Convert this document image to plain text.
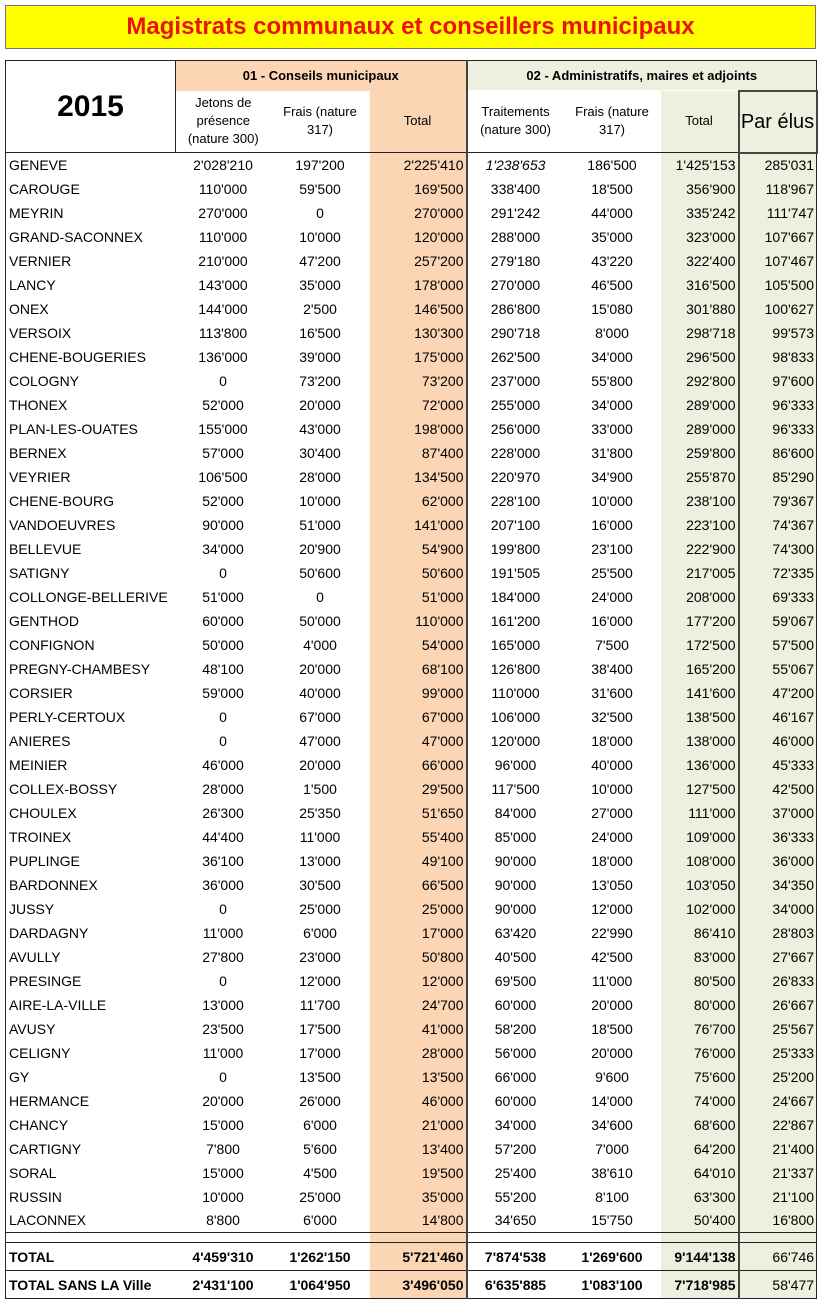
Magistrats communaux et conseillers municipaux
2015	01 - Conseils municipaux			02 - Administratifs, maires et adjoints			
	Jetons de présence (nature 300)	Frais (nature 317)	Total	Traitements (nature 300)	Frais (nature 317)	Total	Par élus
GENEVE	2'028'210	197'200	2'225'410	1'238'653	186'500	1'425'153	285'031
CAROUGE	110'000	59'500	169'500	338'400	18'500	356'900	118'967
MEYRIN	270'000	0	270'000	291'242	44'000	335'242	111'747
GRAND-SACONNEX	110'000	10'000	120'000	288'000	35'000	323'000	107'667
VERNIER	210'000	47'200	257'200	279'180	43'220	322'400	107'467
LANCY	143'000	35'000	178'000	270'000	46'500	316'500	105'500
ONEX	144'000	2'500	146'500	286'800	15'080	301'880	100'627
VERSOIX	113'800	16'500	130'300	290'718	8'000	298'718	99'573
CHENE-BOUGERIES	136'000	39'000	175'000	262'500	34'000	296'500	98'833
COLOGNY	0	73'200	73'200	237'000	55'800	292'800	97'600
THONEX	52'000	20'000	72'000	255'000	34'000	289'000	96'333
PLAN-LES-OUATES	155'000	43'000	198'000	256'000	33'000	289'000	96'333
BERNEX	57'000	30'400	87'400	228'000	31'800	259'800	86'600
VEYRIER	106'500	28'000	134'500	220'970	34'900	255'870	85'290
CHENE-BOURG	52'000	10'000	62'000	228'100	10'000	238'100	79'367
VANDOEUVRES	90'000	51'000	141'000	207'100	16'000	223'100	74'367
BELLEVUE	34'000	20'900	54'900	199'800	23'100	222'900	74'300
SATIGNY	0	50'600	50'600	191'505	25'500	217'005	72'335
COLLONGE-BELLERIVE	51'000	0	51'000	184'000	24'000	208'000	69'333
GENTHOD	60'000	50'000	110'000	161'200	16'000	177'200	59'067
CONFIGNON	50'000	4'000	54'000	165'000	7'500	172'500	57'500
PREGNY-CHAMBESY	48'100	20'000	68'100	126'800	38'400	165'200	55'067
CORSIER	59'000	40'000	99'000	110'000	31'600	141'600	47'200
PERLY-CERTOUX	0	67'000	67'000	106'000	32'500	138'500	46'167
ANIERES	0	47'000	47'000	120'000	18'000	138'000	46'000
MEINIER	46'000	20'000	66'000	96'000	40'000	136'000	45'333
COLLEX-BOSSY	28'000	1'500	29'500	117'500	10'000	127'500	42'500
CHOULEX	26'300	25'350	51'650	84'000	27'000	111'000	37'000
TROINEX	44'400	11'000	55'400	85'000	24'000	109'000	36'333
PUPLINGE	36'100	13'000	49'100	90'000	18'000	108'000	36'000
BARDONNEX	36'000	30'500	66'500	90'000	13'050	103'050	34'350
JUSSY	0	25'000	25'000	90'000	12'000	102'000	34'000
DARDAGNY	11'000	6'000	17'000	63'420	22'990	86'410	28'803
AVULLY	27'800	23'000	50'800	40'500	42'500	83'000	27'667
PRESINGE	0	12'000	12'000	69'500	11'000	80'500	26'833
AIRE-LA-VILLE	13'000	11'700	24'700	60'000	20'000	80'000	26'667
AVUSY	23'500	17'500	41'000	58'200	18'500	76'700	25'567
CELIGNY	11'000	17'000	28'000	56'000	20'000	76'000	25'333
GY	0	13'500	13'500	66'000	9'600	75'600	25'200
HERMANCE	20'000	26'000	46'000	60'000	14'000	74'000	24'667
CHANCY	15'000	6'000	21'000	34'000	34'600	68'600	22'867
CARTIGNY	7'800	5'600	13'400	57'200	7'000	64'200	21'400
SORAL	15'000	4'500	19'500	25'400	38'610	64'010	21'337
RUSSIN	10'000	25'000	35'000	55'200	8'100	63'300	21'100
LACONNEX	8'800	6'000	14'800	34'650	15'750	50'400	16'800

TOTAL	4'459'310	1'262'150	5'721'460	7'874'538	1'269'600	9'144'138	66'746
TOTAL SANS LA Ville	2'431'100	1'064'950	3'496'050	6'635'885	1'083'100	7'718'985	58'477
